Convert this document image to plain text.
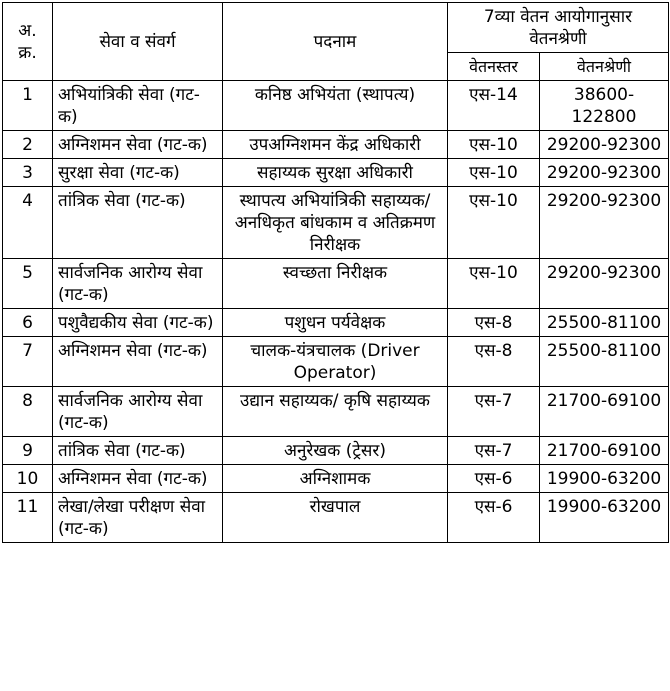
अ. क्र.	सेवा व संवर्ग	पदनाम	7व्या वेतन आयोगानुसार वेतनश्रेणी	
			वेतनस्तर	वेतनश्रेणी
1	अभियांत्रिकी सेवा (गट-क)	कनिष्ठ अभियंता (स्थापत्य)	एस-14	38600-122800
2	अग्निशमन सेवा (गट-क)	उपअग्निशमन केंद्र अधिकारी	एस-10	29200-92300
3	सुरक्षा सेवा (गट-क)	सहाय्यक सुरक्षा अधिकारी	एस-10	29200-92300
4	तांत्रिक सेवा (गट-क)	स्थापत्य अभियांत्रिकी सहाय्यक/अनधिकृत बांधकाम व अतिक्रमण निरीक्षक	एस-10	29200-92300
5	सार्वजनिक आरोग्य सेवा (गट-क)	स्वच्छता निरीक्षक	एस-10	29200-92300
6	पशुवैद्यकीय सेवा (गट-क)	पशुधन पर्यवेक्षक	एस-8	25500-81100
7	अग्निशमन सेवा (गट-क)	चालक-यंत्रचालक (Driver Operator)	एस-8	25500-81100
8	सार्वजनिक आरोग्य सेवा (गट-क)	उद्यान सहाय्यक/ कृषि सहाय्यक	एस-7	21700-69100
9	तांत्रिक सेवा (गट-क)	अनुरेखक (ट्रेसर)	एस-7	21700-69100
10	अग्निशमन सेवा (गट-क)	अग्निशामक	एस-6	19900-63200
11	लेखा/लेखा परीक्षण सेवा (गट-क)	रोखपाल	एस-6	19900-63200
